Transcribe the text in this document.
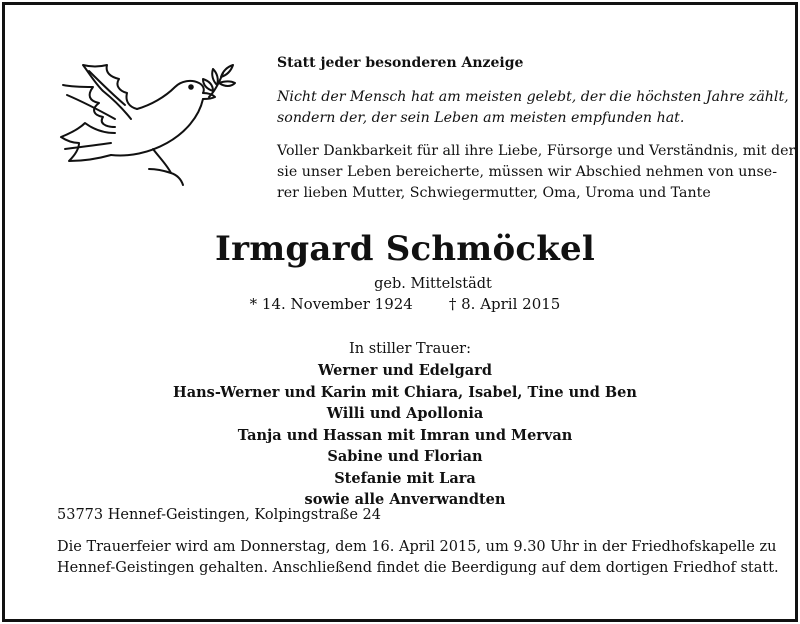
Statt jeder besonderen Anzeige
Nicht der Mensch hat am meisten gelebt, der die höchsten Jahre zählt,
sondern der, der sein Leben am meisten empfunden hat.
Voller Dankbarkeit für all ihre Liebe, Fürsorge und Verständnis, mit der
sie unser Leben bereicherte, müssen wir Abschied nehmen von unse-
rer lieben Mutter, Schwiegermutter, Oma, Uroma und Tante
Irmgard Schmöckel
geb. Mittelstädt
* 14. November 1924 † 8. April 2015
In stiller Trauer:
Werner und Edelgard
Hans-Werner und Karin mit Chiara, Isabel, Tine und Ben
Willi und Apollonia
Tanja und Hassan mit Imran und Mervan
Sabine und Florian
Stefanie mit Lara
sowie alle Anverwandten
53773 Hennef-Geistingen, Kolpingstraße 24
Die Trauerfeier wird am Donnerstag, dem 16. April 2015, um 9.30 Uhr in der Friedhofskapelle zu
Hennef-Geistingen gehalten. Anschließend findet die Beerdigung auf dem dortigen Friedhof statt.
